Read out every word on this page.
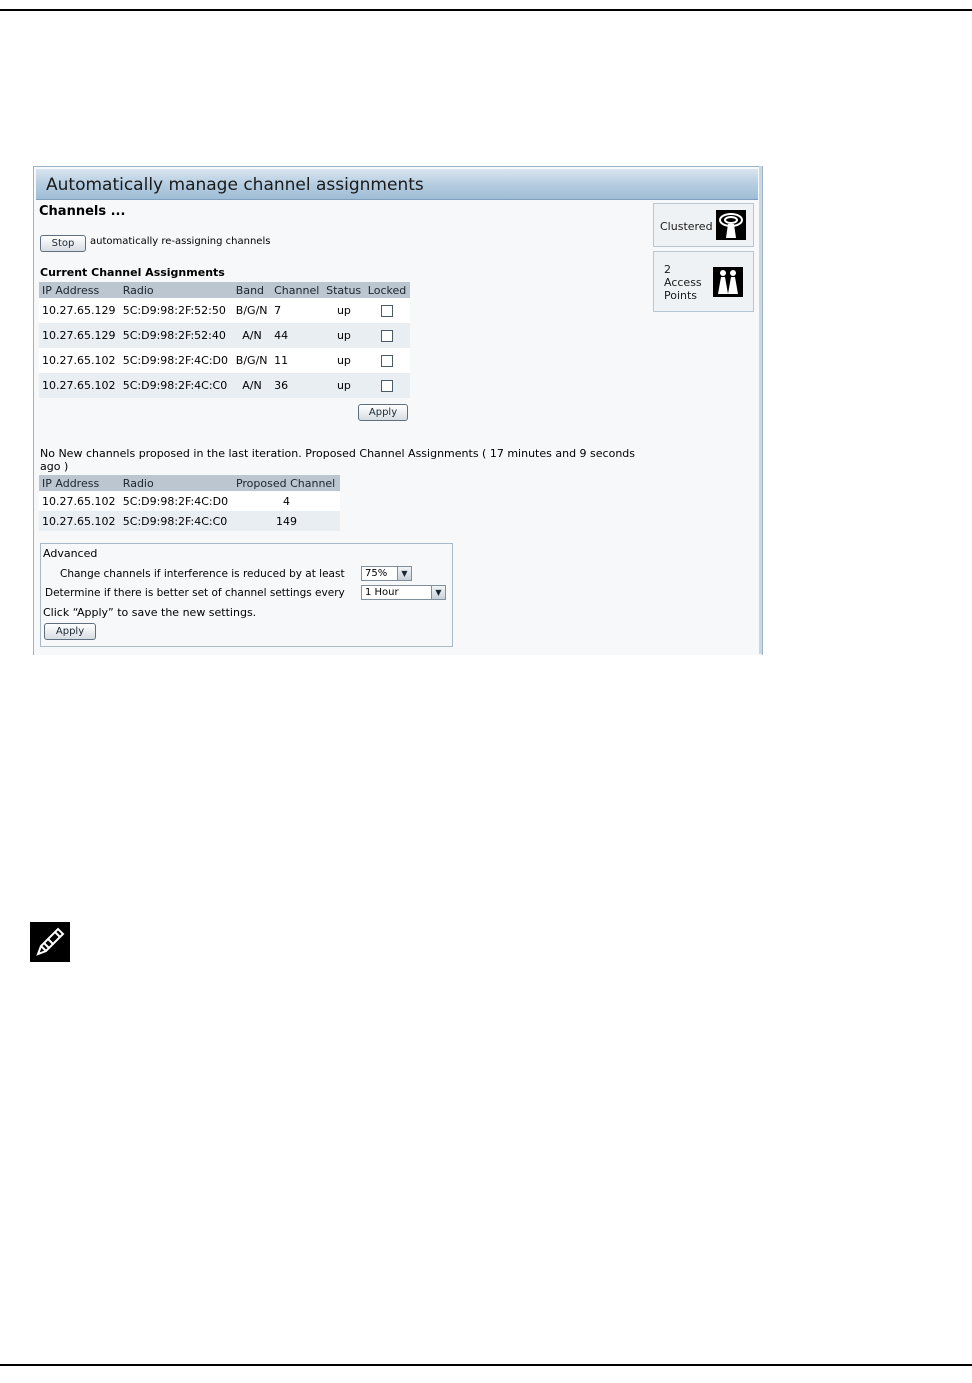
Automatically manage channel assignments
Channels ...
Stop	automatically re-assigning channels
Current Channel Assignments
IP Address	Radio	Band	Channel	Status	Locked
10.27.65.129	5C:D9:98:2F:52:50	B/G/N	7	up	
10.27.65.129	5C:D9:98:2F:52:40	A/N	44	up	
10.27.65.102	5C:D9:98:2F:4C:D0	B/G/N	11	up	
10.27.65.102	5C:D9:98:2F:4C:C0	A/N	36	up	
Apply
No New channels proposed in the last iteration. Proposed Channel Assignments ( 17 minutes and 9 seconds
ago )
IP Address	Radio	Proposed Channel
10.27.65.102	5C:D9:98:2F:4C:D0	4
10.27.65.102	5C:D9:98:2F:4C:C0	149
Advanced
Change channels if interference is reduced by at least	75%	▼
Determine if there is better set of channel settings every	1 Hour	▼
Click “Apply” to save the new settings.
Apply
Clustered
2
Access
Points
